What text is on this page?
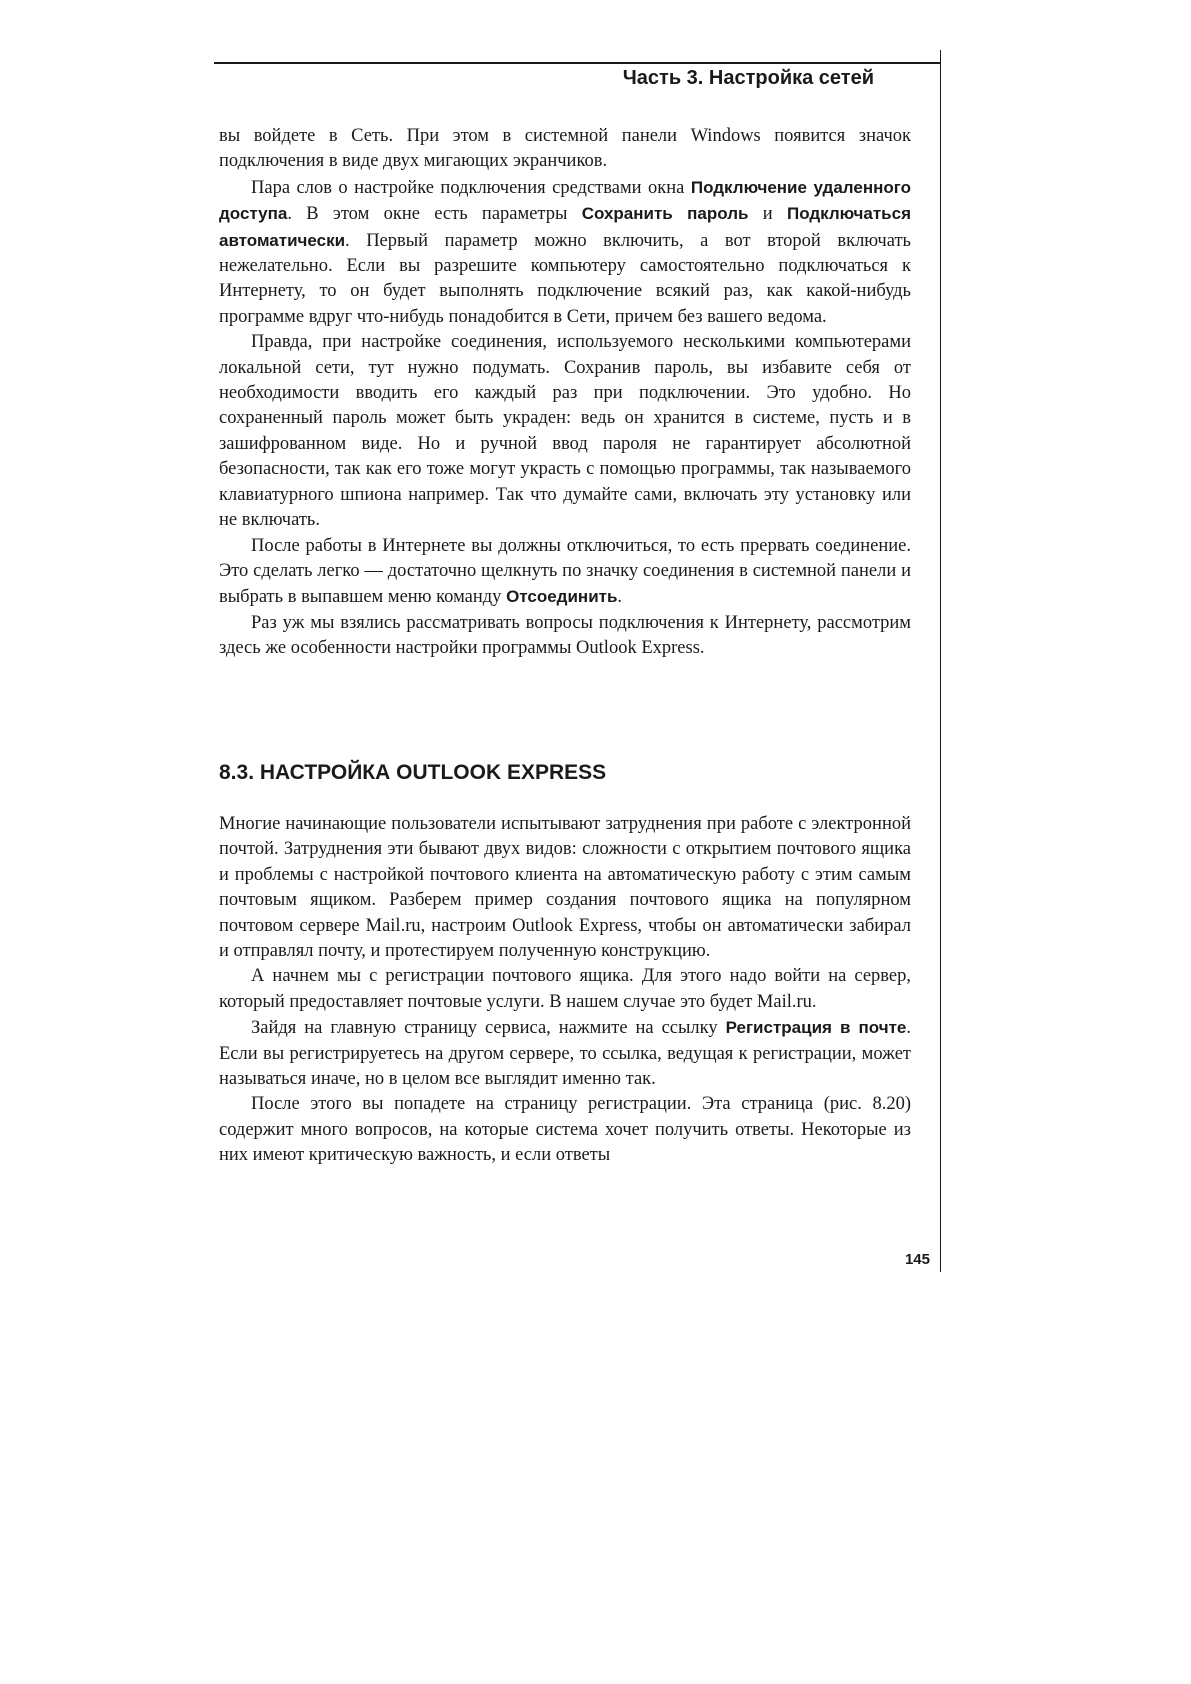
Часть 3. Настройка сетей

вы войдете в Сеть. При этом в системной панели Windows появится значок подключения в виде двух мигающих экранчиков.

Пара слов о настройке подключения средствами окна Подключение удаленного доступа. В этом окне есть параметры Сохранить пароль и Подключаться автоматически. Первый параметр можно включить, а вот второй включать нежелательно. Если вы разрешите компьютеру самостоятельно подключаться к Интернету, то он будет выполнять подключение всякий раз, как какой-нибудь программе вдруг что-нибудь понадобится в Сети, причем без вашего ведома.

Правда, при настройке соединения, используемого несколькими компьютерами локальной сети, тут нужно подумать. Сохранив пароль, вы избавите себя от необходимости вводить его каждый раз при подключении. Это удобно. Но сохраненный пароль может быть украден: ведь он хранится в системе, пусть и в зашифрованном виде. Но и ручной ввод пароля не гарантирует абсолютной безопасности, так как его тоже могут украсть с помощью программы, так называемого клавиатурного шпиона например. Так что думайте сами, включать эту установку или не включать.

После работы в Интернете вы должны отключиться, то есть прервать соединение. Это сделать легко — достаточно щелкнуть по значку соединения в системной панели и выбрать в выпавшем меню команду Отсоединить.

Раз уж мы взялись рассматривать вопросы подключения к Интернету, рассмотрим здесь же особенности настройки программы Outlook Express.

8.3. НАСТРОЙКА OUTLOOK EXPRESS

Многие начинающие пользователи испытывают затруднения при работе с электронной почтой. Затруднения эти бывают двух видов: сложности с открытием почтового ящика и проблемы с настройкой почтового клиента на автоматическую работу с этим самым почтовым ящиком. Разберем пример создания почтового ящика на популярном почтовом сервере Mail.ru, настроим Outlook Express, чтобы он автоматически забирал и отправлял почту, и протестируем полученную конструкцию.

А начнем мы с регистрации почтового ящика. Для этого надо войти на сервер, который предоставляет почтовые услуги. В нашем случае это будет Mail.ru.

Зайдя на главную страницу сервиса, нажмите на ссылку Регистрация в почте. Если вы регистрируетесь на другом сервере, то ссылка, ведущая к регистрации, может называться иначе, но в целом все выглядит именно так.

После этого вы попадете на страницу регистрации. Эта страница (рис. 8.20) содержит много вопросов, на которые система хочет получить ответы. Некоторые из них имеют критическую важность, и если ответы

145
